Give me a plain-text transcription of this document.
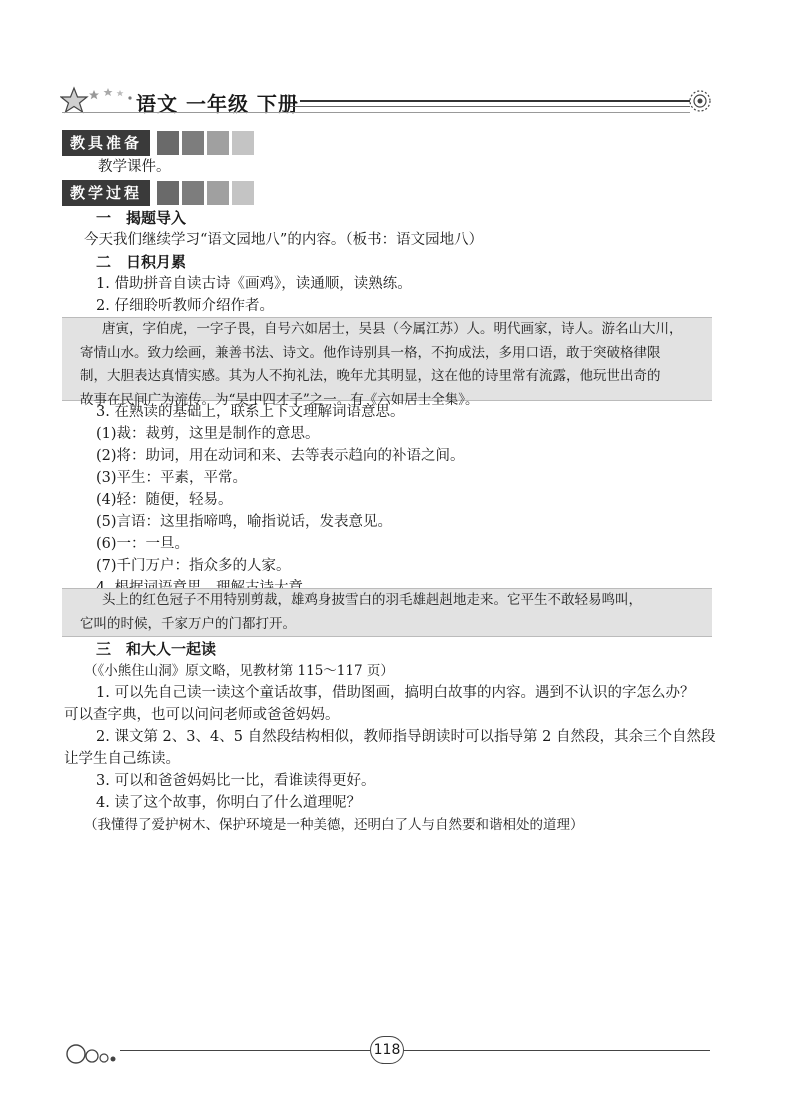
语文 一年级 下册
教具准备
教学课件。
教学过程
一　揭题导入
今天我们继续学习“语文园地八”的内容。（板书：语文园地八）
二　日积月累
1. 借助拼音自读古诗《画鸡》，读通顺，读熟练。
2. 仔细聆听教师介绍作者。

唐寅，字伯虎，一字子畏，自号六如居士，吴县（今属江苏）人。明代画家，诗人。游名山大川，

寄情山水。致力绘画，兼善书法、诗文。他作诗别具一格，不拘成法，多用口语，敢于突破格律限

制，大胆表达真情实感。其为人不拘礼法，晚年尤其明显，这在他的诗里常有流露，他玩世出奇的

故事在民间广为流传。为“吴中四才子”之一。有《六如居士全集》。

3. 在熟读的基础上，联系上下文理解词语意思。
(1)裁：裁剪，这里是制作的意思。
(2)将：助词，用在动词和来、去等表示趋向的补语之间。
(3)平生：平素，平常。
(4)轻：随便，轻易。
(5)言语：这里指啼鸣，喻指说话，发表意见。
(6)一：一旦。
(7)千门万户：指众多的人家。

头上的红色冠子不用特别剪裁，雄鸡身披雪白的羽毛雄赳赳地走来。它平生不敢轻易鸣叫，

它叫的时候，千家万户的门都打开。

三　和大人一起读
（《小熊住山洞》原文略，见教材第 115～117 页）
1. 可以先自己读一读这个童话故事，借助图画，搞明白故事的内容。遇到不认识的字怎么办？
可以查字典，也可以问问老师或爸爸妈妈。
2. 课文第 2、3、4、5 自然段结构相似，教师指导朗读时可以指导第 2 自然段，其余三个自然段
让学生自己练读。
3. 可以和爸爸妈妈比一比，看谁读得更好。
4. 读了这个故事，你明白了什么道理呢？
（我懂得了爱护树木、保护环境是一种美德，还明白了人与自然要和谐相处的道理）
118
